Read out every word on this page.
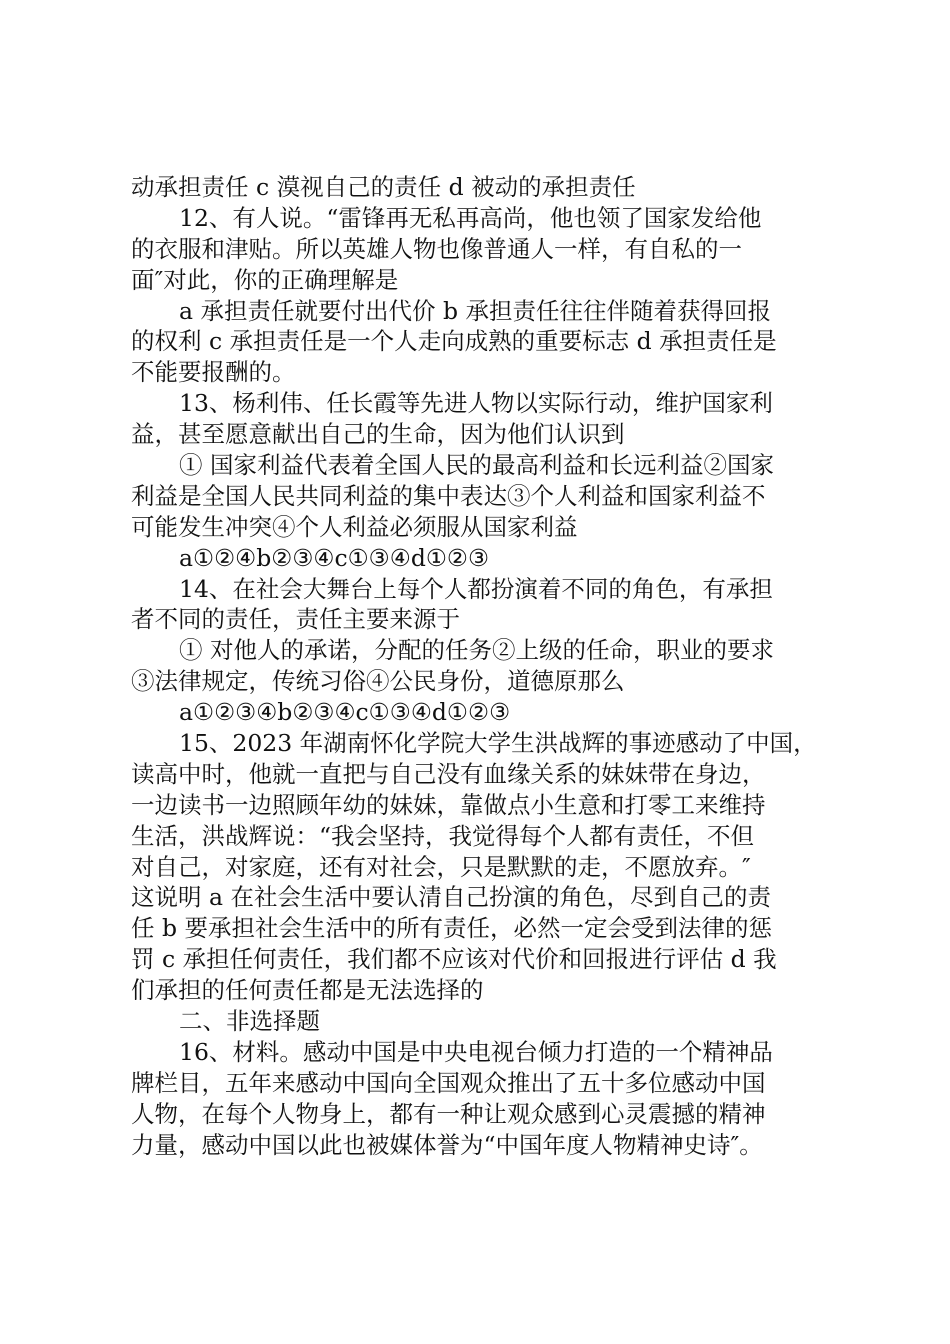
动承担责任 c 漠视自己的责任 d 被动的承担责任
12、有人说。“雷锋再无私再高尚，他也领了国家发给他
的衣服和津贴。所以英雄人物也像普通人一样，有自私的一
面″对此，你的正确理解是
a 承担责任就要付出代价 b 承担责任往往伴随着获得回报
的权利 c 承担责任是一个人走向成熟的重要标志 d 承担责任是
不能要报酬的。
13、杨利伟、任长霞等先进人物以实际行动，维护国家利
益，甚至愿意献出自己的生命，因为他们认识到
① 国家利益代表着全国人民的最高利益和长远利益②国家
利益是全国人民共同利益的集中表达③个人利益和国家利益不
可能发生冲突④个人利益必须服从国家利益
a①②④b②③④c①③④d①②③
14、在社会大舞台上每个人都扮演着不同的角色，有承担
者不同的责任，责任主要来源于
① 对他人的承诺，分配的任务②上级的任命，职业的要求
③法律规定，传统习俗④公民身份，道德原那么
a①②③④b②③④c①③④d①②③
15、2023 年湖南怀化学院大学生洪战辉的事迹感动了中国，
读高中时，他就一直把与自己没有血缘关系的妹妹带在身边，
一边读书一边照顾年幼的妹妹，靠做点小生意和打零工来维持
生活，洪战辉说：“我会坚持，我觉得每个人都有责任，不但
对自己，对家庭，还有对社会，只是默默的走，不愿放弃。″
这说明 a 在社会生活中要认清自己扮演的角色，尽到自己的责
任 b 要承担社会生活中的所有责任，必然一定会受到法律的惩
罚 c 承担任何责任，我们都不应该对代价和回报进行评估 d 我
们承担的任何责任都是无法选择的
二、非选择题
16、材料。感动中国是中央电视台倾力打造的一个精神品
牌栏目，五年来感动中国向全国观众推出了五十多位感动中国
人物，在每个人物身上，都有一种让观众感到心灵震撼的精神
力量，感动中国以此也被媒体誉为“中国年度人物精神史诗″。
